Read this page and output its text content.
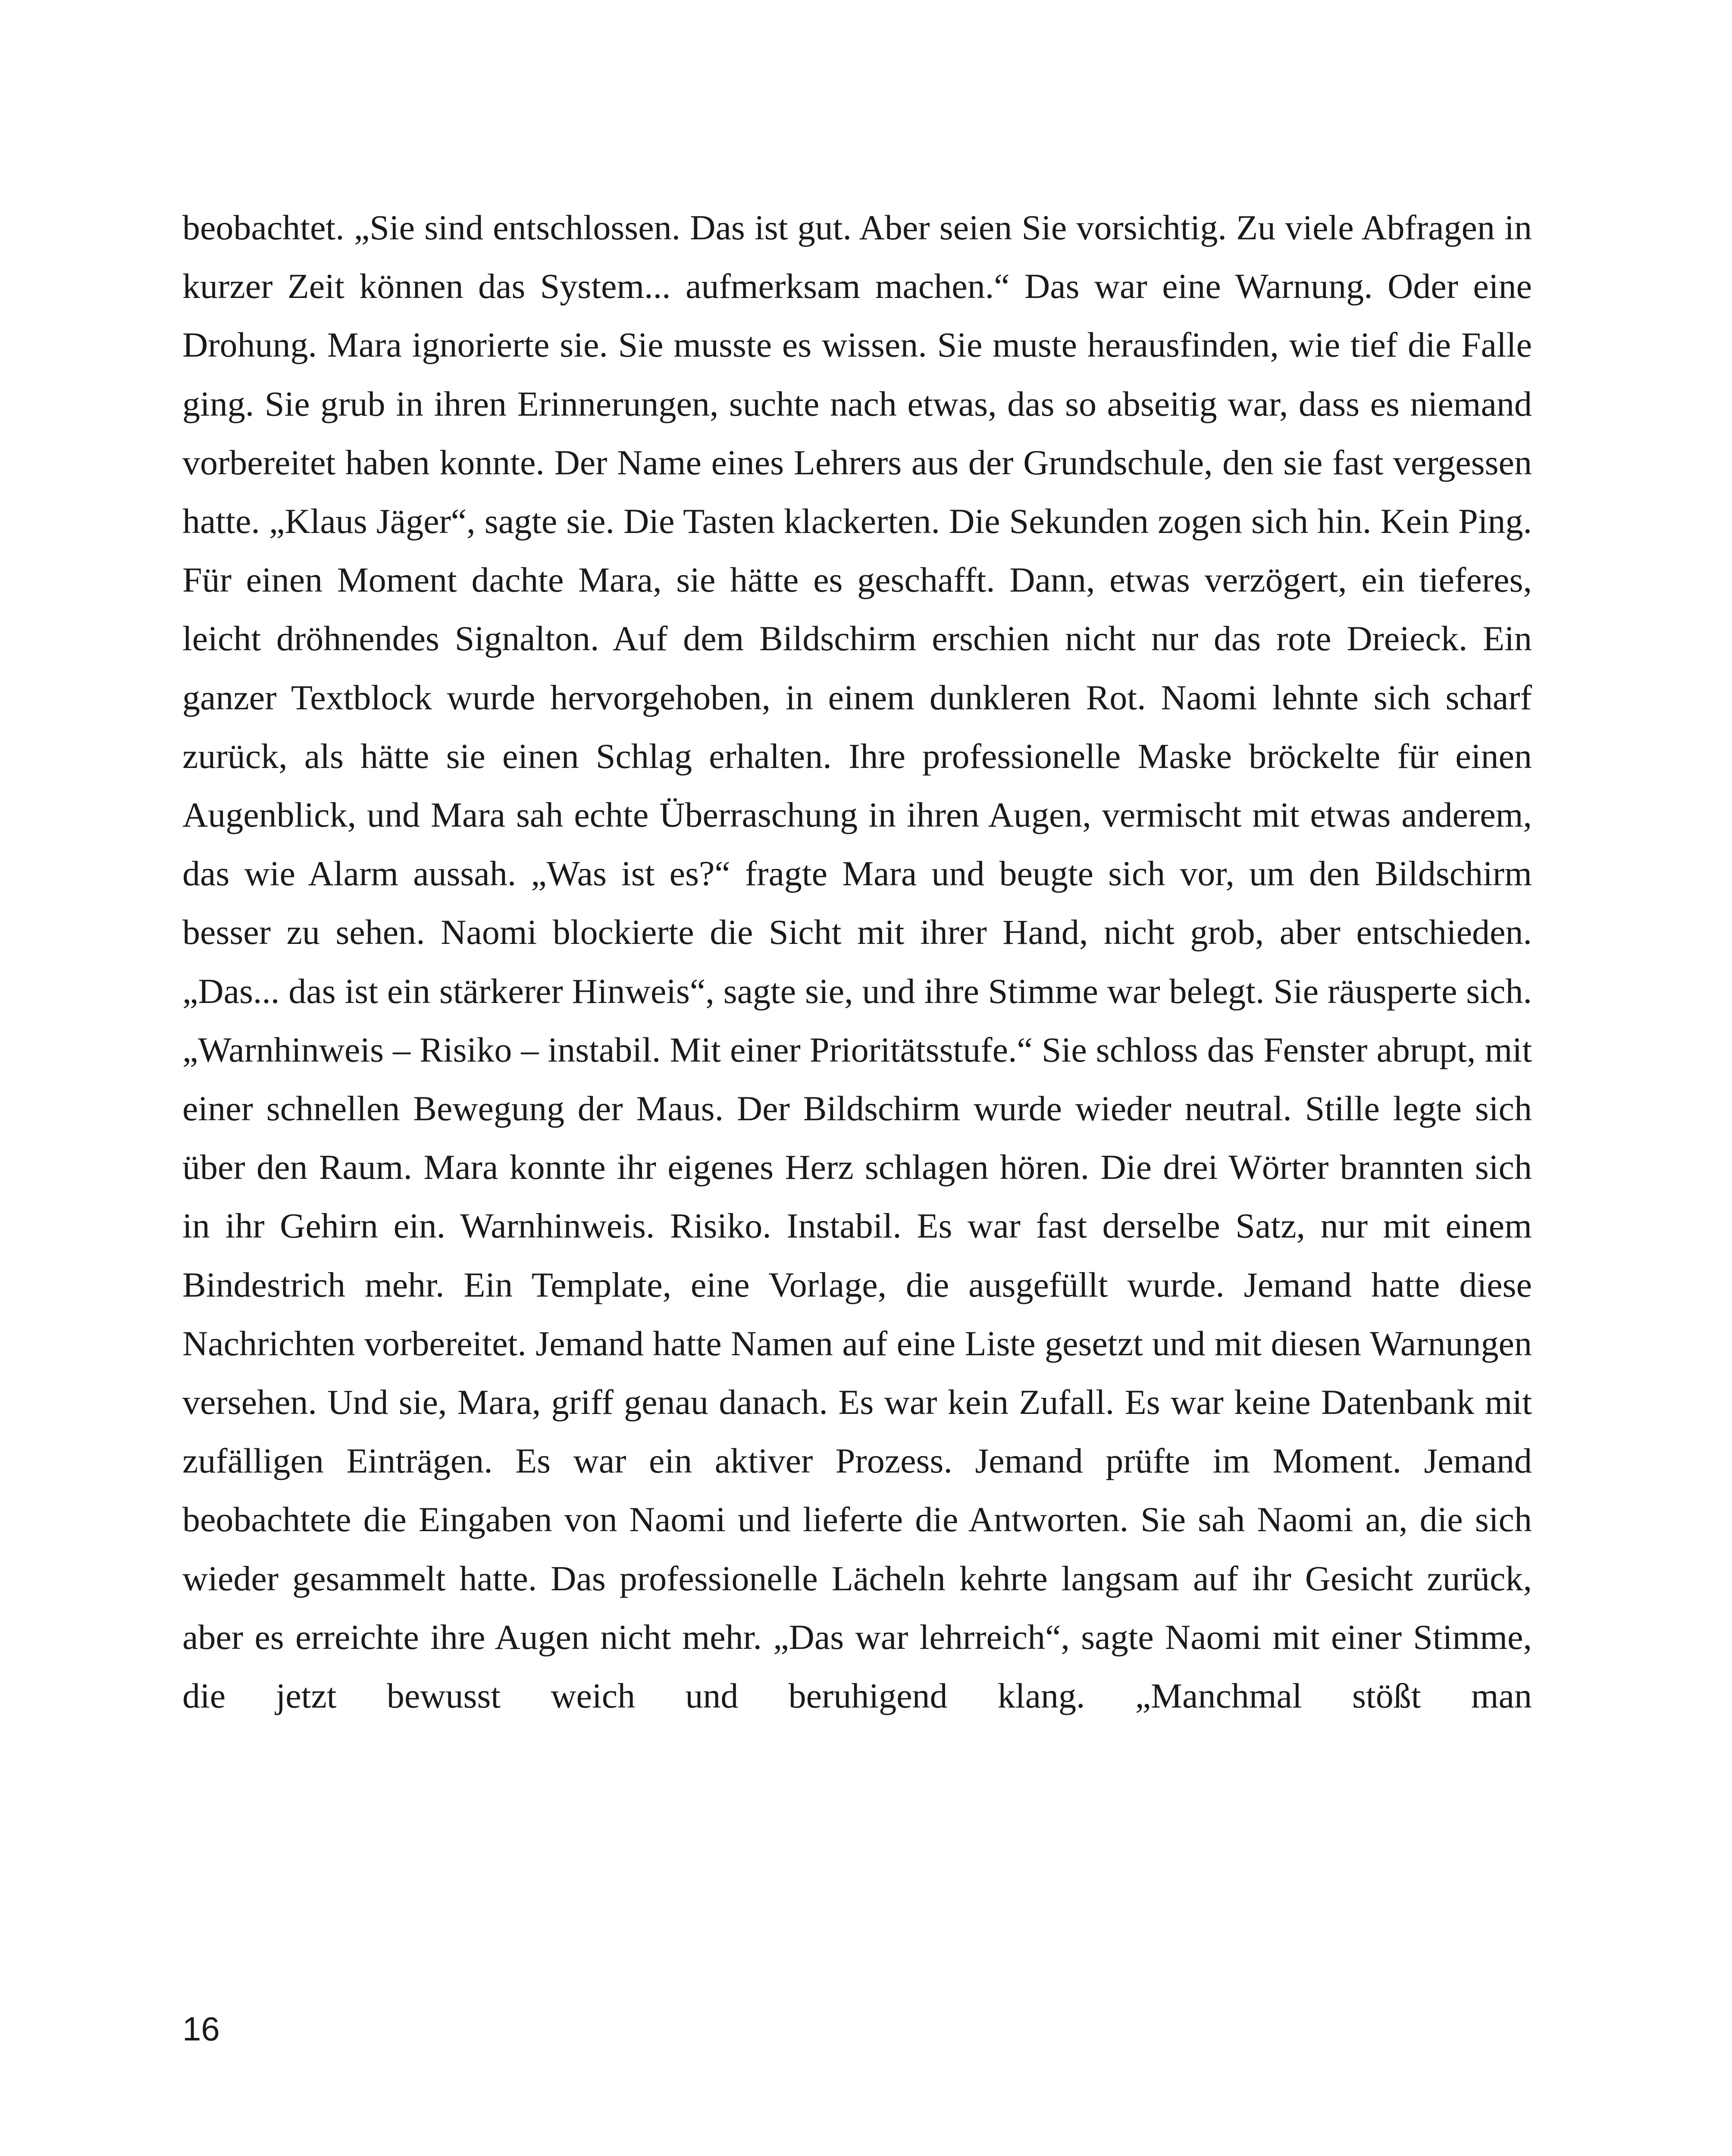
beobachtet. „Sie sind entschlossen. Das ist gut. Aber seien Sie vorsichtig. Zu viele Abfragen in kurzer Zeit können das System... aufmerksam machen.“ Das war eine Warnung. Oder eine Drohung. Mara ignorierte sie. Sie musste es wissen. Sie muste herausfinden, wie tief die Falle ging. Sie grub in ihren Erinnerungen, suchte nach etwas, das so abseitig war, dass es niemand vorbereitet haben konnte. Der Name eines Lehrers aus der Grundschule, den sie fast vergessen hatte. „Klaus Jäger“, sagte sie. Die Tasten klackerten. Die Sekunden zogen sich hin. Kein Ping. Für einen Moment dachte Mara, sie hätte es geschafft. Dann, etwas verzögert, ein tieferes, leicht dröhnendes Signalton. Auf dem Bildschirm erschien nicht nur das rote Dreieck. Ein ganzer Textblock wurde hervorgehoben, in einem dunkleren Rot. Naomi lehnte sich scharf zurück, als hätte sie einen Schlag erhalten. Ihre professionelle Maske bröckelte für einen Augenblick, und Mara sah echte Überraschung in ihren Augen, vermischt mit etwas anderem, das wie Alarm aussah. „Was ist es?“ fragte Mara und beugte sich vor, um den Bildschirm besser zu sehen. Naomi blockierte die Sicht mit ihrer Hand, nicht grob, aber entschieden. „Das... das ist ein stärkerer Hinweis“, sagte sie, und ihre Stimme war belegt. Sie räusperte sich. „Warnhinweis – Risiko – instabil. Mit einer Prioritätsstufe.“ Sie schloss das Fenster abrupt, mit einer schnellen Bewegung der Maus. Der Bildschirm wurde wieder neutral. Stille legte sich über den Raum. Mara konnte ihr eigenes Herz schlagen hören. Die drei Wörter brannten sich in ihr Gehirn ein. Warnhinweis. Risiko. Instabil. Es war fast derselbe Satz, nur mit einem Bindestrich mehr. Ein Template, eine Vorlage, die ausgefüllt wurde. Jemand hatte diese Nachrichten vorbereitet. Jemand hatte Namen auf eine Liste gesetzt und mit diesen Warnungen versehen. Und sie, Mara, griff genau danach. Es war kein Zufall. Es war keine Datenbank mit zufälligen Einträgen. Es war ein aktiver Prozess. Jemand prüfte im Moment. Jemand beobachtete die Eingaben von Naomi und lieferte die Antworten. Sie sah Naomi an, die sich wieder gesammelt hatte. Das professionelle Lächeln kehrte langsam auf ihr Gesicht zurück, aber es erreichte ihre Augen nicht mehr. „Das war lehrreich“, sagte Naomi mit einer Stimme, die jetzt bewusst weich und beruhigend klang. „Manchmal stößt man

16
